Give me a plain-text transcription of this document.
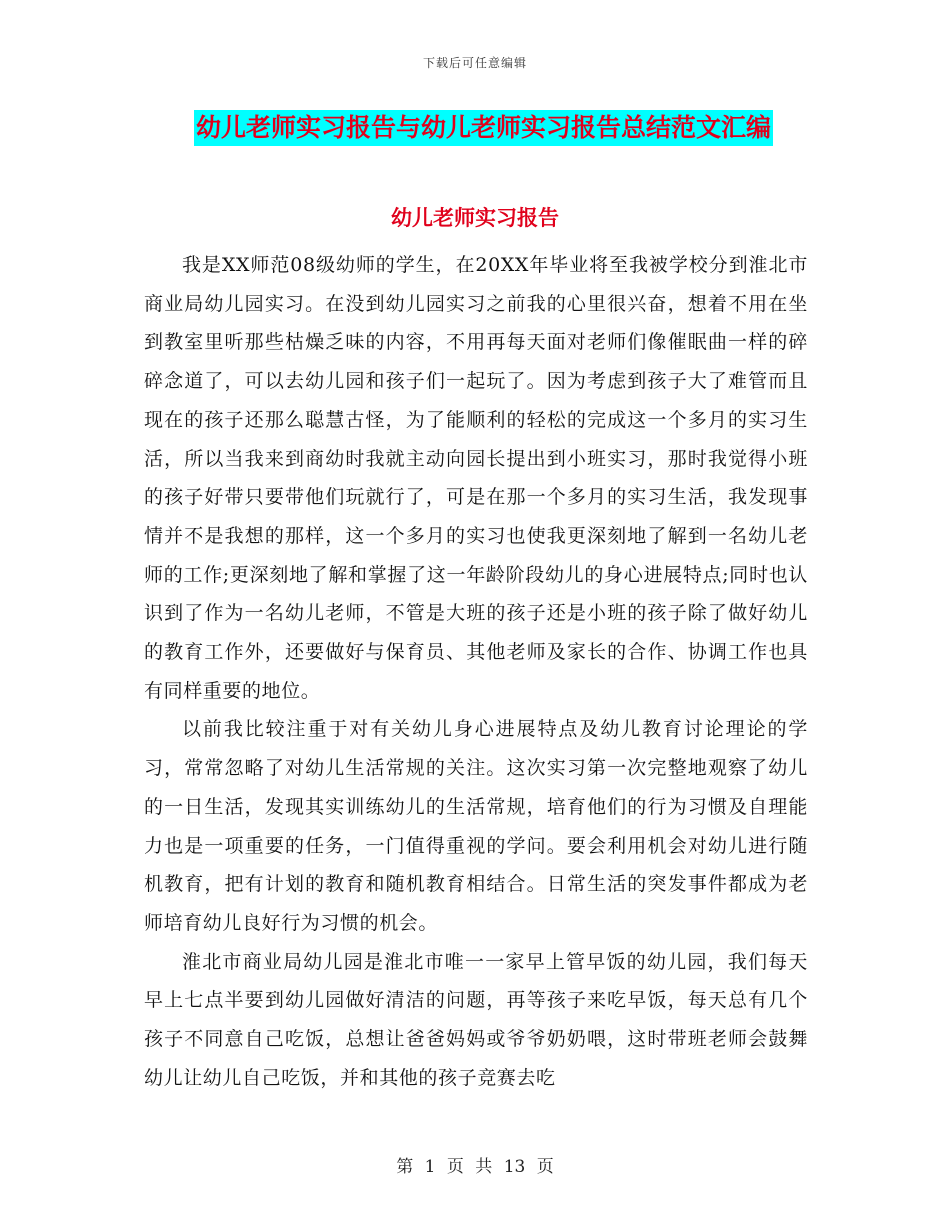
下载后可任意编辑
幼儿老师实习报告与幼儿老师实习报告总结范文汇编
幼儿老师实习报告

我是XX师范08级幼师的学生，在20XX年毕业将至我被学校分到淮北市商业局幼儿园实习。在没到幼儿园实习之前我的心里很兴奋，想着不用在坐到教室里听那些枯燥乏味的内容，不用再每天面对老师们像催眠曲一样的碎碎念道了，可以去幼儿园和孩子们一起玩了。因为考虑到孩子大了难管而且现在的孩子还那么聪慧古怪，为了能顺利的轻松的完成这一个多月的实习生活，所以当我来到商幼时我就主动向园长提出到小班实习，那时我觉得小班的孩子好带只要带他们玩就行了，可是在那一个多月的实习生活，我发现事情并不是我想的那样，这一个多月的实习也使我更深刻地了解到一名幼儿老师的工作;更深刻地了解和掌握了这一年龄阶段幼儿的身心进展特点;同时也认识到了作为一名幼儿老师，不管是大班的孩子还是小班的孩子除了做好幼儿的教育工作外，还要做好与保育员、其他老师及家长的合作、协调工作也具有同样重要的地位。

以前我比较注重于对有关幼儿身心进展特点及幼儿教育讨论理论的学习，常常忽略了对幼儿生活常规的关注。这次实习第一次完整地观察了幼儿的一日生活，发现其实训练幼儿的生活常规，培育他们的行为习惯及自理能力也是一项重要的任务，一门值得重视的学问。要会利用机会对幼儿进行随机教育，把有计划的教育和随机教育相结合。日常生活的突发事件都成为老师培育幼儿良好行为习惯的机会。

淮北市商业局幼儿园是淮北市唯一一家早上管早饭的幼儿园，我们每天早上七点半要到幼儿园做好清洁的问题，再等孩子来吃早饭，每天总有几个孩子不同意自己吃饭，总想让爸爸妈妈或爷爷奶奶喂，这时带班老师会鼓舞幼儿让幼儿自己吃饭，并和其他的孩子竞赛去吃

第 1 页 共 13 页
